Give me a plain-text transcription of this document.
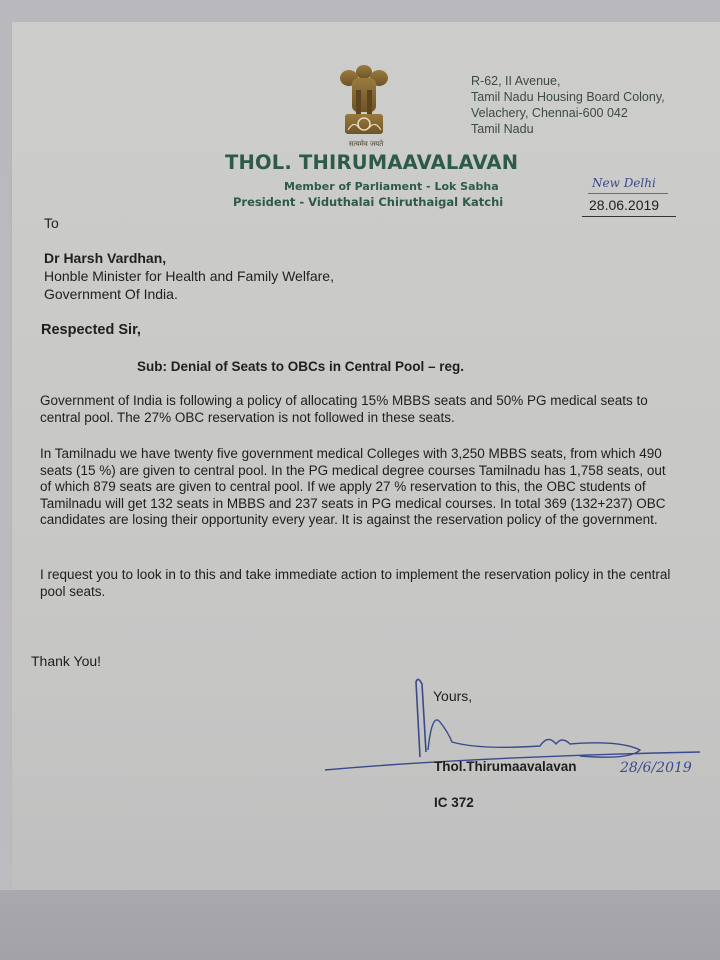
सत्यमेव जयते
R-62, II Avenue,
Tamil Nadu Housing Board Colony,
Velachery, Chennai-600 042
Tamil Nadu
THOL. THIRUMAAVALAVAN
Member of Parliament - Lok Sabha
President - Viduthalai Chiruthaigal Katchi
New Delhi
28.06.2019
To
Dr Harsh Vardhan,
Honble Minister for Health and Family Welfare,
Government Of India.
Respected Sir,
Sub: Denial of Seats to OBCs in Central Pool – reg.
Government of India is following a policy of allocating 15% MBBS seats and 50% PG medical seats to central pool. The 27% OBC reservation is not followed in these seats.
In Tamilnadu we have twenty five government medical Colleges with 3,250 MBBS seats, from which 490 seats (15 %) are given to central pool. In the PG medical degree courses Tamilnadu has 1,758 seats, out of which 879 seats are given to central pool. If we apply 27 % reservation to this, the OBC students of Tamilnadu will get 132 seats in MBBS and 237 seats in PG medical courses. In total 369 (132+237) OBC candidates are losing their opportunity every year. It is against the reservation policy of the government.
I request you to look in to this and take immediate action to implement the reservation policy in the central pool seats.
Thank You!
Yours,
Thol.Thirumaavalavan	28/6/2019
IC 372
